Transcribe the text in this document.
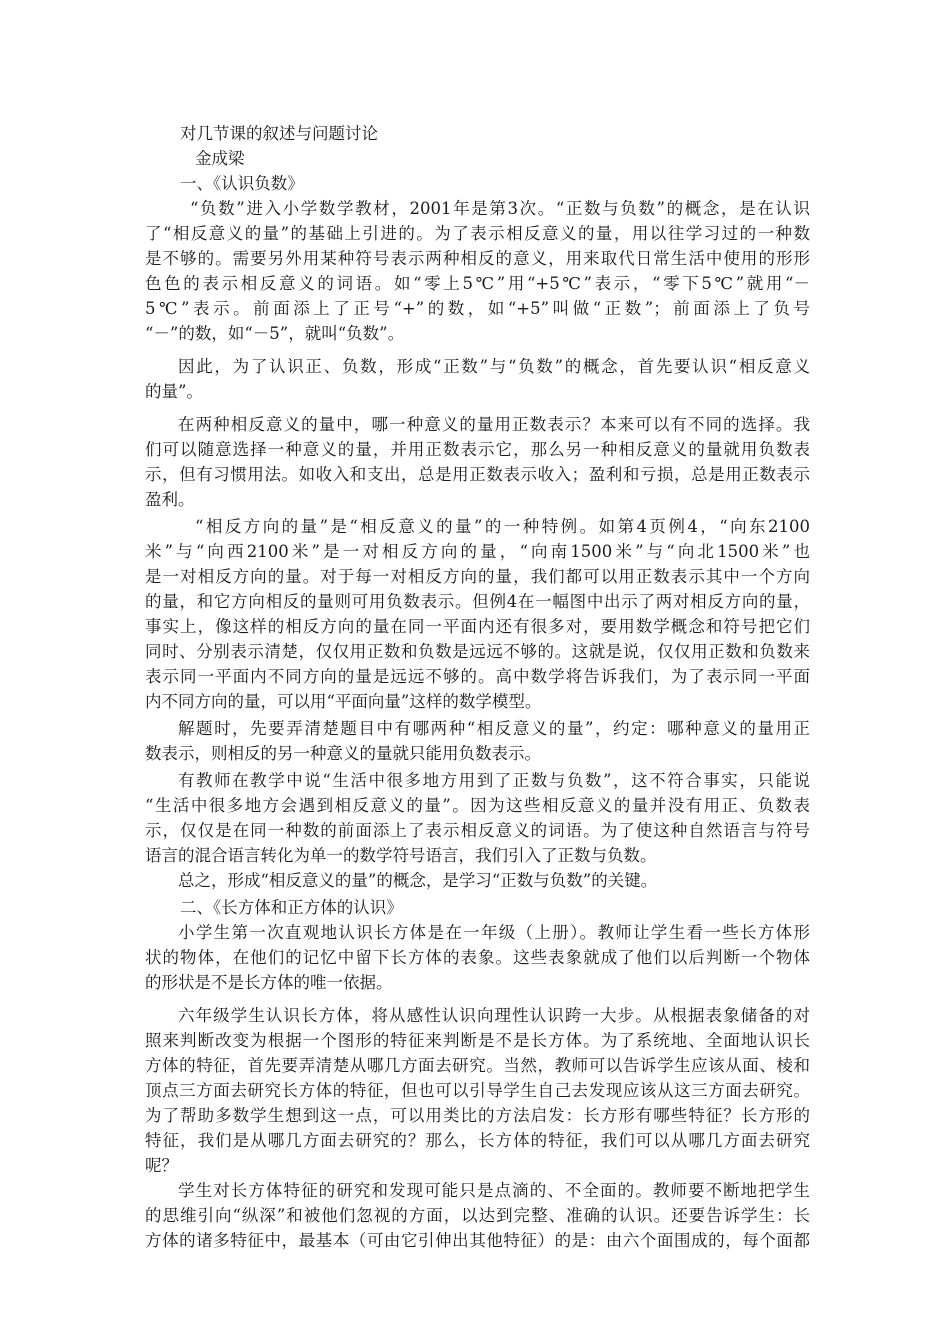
对几节课的叙述与问题讨论
金成梁
一、《认识负数》
“负数”进入小学数学教材，2001年是第3次。“正数与负数”的概念，是在认识
了“相反意义的量”的基础上引进的。为了表示相反意义的量，用以往学习过的一种数
是不够的。需要另外用某种符号表示两种相反的意义，用来取代日常生活中使用的形形
色色的表示相反意义的词语。如“零上5℃”用“+5℃”表示，“零下5℃”就用“－
5℃”表示。前面添上了正号“+”的数，如“+5”叫做“正数”；前面添上了负号
“－”的数，如“－5”，就叫“负数”。
因此，为了认识正、负数，形成“正数”与“负数”的概念，首先要认识“相反意义
的量”。
在两种相反意义的量中，哪一种意义的量用正数表示？本来可以有不同的选择。我
们可以随意选择一种意义的量，并用正数表示它，那么另一种相反意义的量就用负数表
示，但有习惯用法。如收入和支出，总是用正数表示收入；盈利和亏损，总是用正数表示
盈利。
“相反方向的量”是“相反意义的量”的一种特例。如第4页例4，“向东2100
米”与“向西2100米”是一对相反方向的量，“向南1500米”与“向北1500米”也
是一对相反方向的量。对于每一对相反方向的量，我们都可以用正数表示其中一个方向
的量，和它方向相反的量则可用负数表示。但例4在一幅图中出示了两对相反方向的量，
事实上，像这样的相反方向的量在同一平面内还有很多对，要用数学概念和符号把它们
同时、分别表示清楚，仅仅用正数和负数是远远不够的。这就是说，仅仅用正数和负数来
表示同一平面内不同方向的量是远远不够的。高中数学将告诉我们，为了表示同一平面
内不同方向的量，可以用“平面向量”这样的数学模型。
解题时，先要弄清楚题目中有哪两种“相反意义的量”，约定：哪种意义的量用正
数表示，则相反的另一种意义的量就只能用负数表示。
有教师在教学中说“生活中很多地方用到了正数与负数”，这不符合事实，只能说
“生活中很多地方会遇到相反意义的量”。因为这些相反意义的量并没有用正、负数表
示，仅仅是在同一种数的前面添上了表示相反意义的词语。为了使这种自然语言与符号
语言的混合语言转化为单一的数学符号语言，我们引入了正数与负数。
总之，形成“相反意义的量”的概念，是学习“正数与负数”的关键。
小学生第一次直观地认识长方体是在一年级（上册）。教师让学生看一些长方体形
状的物体，在他们的记忆中留下长方体的表象。这些表象就成了他们以后判断一个物体
的形状是不是长方体的唯一依据。
六年级学生认识长方体，将从感性认识向理性认识跨一大步。从根据表象储备的对
照来判断改变为根据一个图形的特征来判断是不是长方体。为了系统地、全面地认识长
方体的特征，首先要弄清楚从哪几方面去研究。当然，教师可以告诉学生应该从面、棱和
顶点三方面去研究长方体的特征，但也可以引导学生自己去发现应该从这三方面去研究。
为了帮助多数学生想到这一点，可以用类比的方法启发：长方形有哪些特征？长方形的
特征，我们是从哪几方面去研究的？那么，长方体的特征，我们可以从哪几方面去研究
呢？
学生对长方体特征的研究和发现可能只是点滴的、不全面的。教师要不断地把学生
的思维引向“纵深”和被他们忽视的方面，以达到完整、准确的认识。还要告诉学生：长
方体的诸多特征中，最基本（可由它引伸出其他特征）的是：由六个面围成的，每个面都
二、《长方体和正方体的认识》
